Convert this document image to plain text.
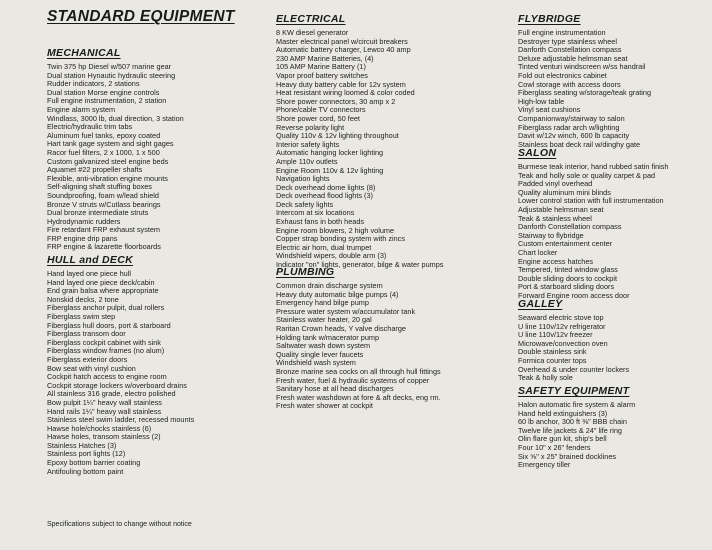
STANDARD EQUIPMENT
MECHANICAL
Twin 375 hp Diesel w/507 marine gear
Dual station Hynautic hydraulic steering
Rudder indicators, 2 stations
Dual station Morse engine controls
Full engine instrumentation, 2 station
Engine alarm system
Windlass, 3000 lb, dual direction, 3 station
Electric/hydraulic trim tabs
Aluminum fuel tanks, epoxy coated
Hart tank gage system and sight gages
Racor fuel filters, 2 x 1000, 1 x 500
Custom galvanized steel engine beds
Aquamet #22 propeller shafts
Flexible, anti-vibration engine mounts
Self-aligning shaft stuffing boxes
Soundproofing, foam w/lead shield
Bronze V struts w/Cutlass bearings
Dual bronze intermediate struts
Hydrodynamic rudders
Fire retardant FRP exhaust system
FRP engine drip pans
FRP engine & lazarette floorboards
HULL and DECK
Hand layed one piece hull
Hand layed one piece deck/cabin
End grain balsa where appropriate
Nonskid decks, 2 tone
Fiberglass anchor pulpit, dual rollers
Fiberglass swim step
Fiberglass hull doors, port & starboard
Fiberglass transom door
Fiberglass cockpit cabinet with sink
Fiberglass window frames (no alum)
Fiberglass exterior doors
Bow seat with vinyl cushion
Cockpit hatch access to engine room
Cockpit storage lockers w/overboard drains
All stainless 316 grade, electro polished
Bow pulpit 1¼" heavy wall stainless
Hand rails 1¼" heavy wall stainless
Stainless steel swim ladder, recessed mounts
Hawse hole/chocks stainless (6)
Hawse holes, transom stainless (2)
Stainless Hatches (3)
Stainless port lights (12)
Epoxy bottom barrier coating
Antifouling bottom paint
ELECTRICAL
8 KW diesel generator
Master electrical panel w/circuit breakers
Automatic battery charger, Lewco 40 amp
230 AMP Marine Batteries, (4)
105 AMP Marine Battery (1)
Vapor proof battery switches
Heavy duty battery cable for 12v system
Heat resistant wiring loomed & color coded
Shore power connectors, 30 amp x 2
Phone/cable TV connectors
Shore power cord, 50 feet
Reverse polarity light
Quality 110v & 12v lighting throughout
Interior safety lights
Automatic hanging locker lighting
Ample 110v outlets
Engine Room 110v & 12v lighting
Navigation lights
Deck overhead dome lights (8)
Deck overhead flood lights (3)
Deck safety lights
Intercom at six locations
Exhaust fans in both heads
Engine room blowers, 2 high volume
Copper strap bonding system with zincs
Electric air horn, dual trumpet
Windshield wipers, double arm (3)
Indicator "on" lights, generator, bilge & water pumps
PLUMBING
Common drain discharge system
Heavy duty automatic bilge pumps (4)
Emergency hand bilge pump
Pressure water system w/accumulator tank
Stainless water heater, 20 gal
Raritan Crown heads, Y valve discharge
Holding tank w/macerator pump
Saltwater wash down system
Quality single lever faucets
Windshield wash system
Bronze marine sea cocks on all through hull fittings
Fresh water, fuel & hydraulic systems of copper
Sanitary hose at all head discharges
Fresh water washdown at fore & aft decks, eng rm.
Fresh water shower at cockpit
FLYBRIDGE
Full engine instrumentation
Destroyer type stainless wheel
Danforth Constellation compass
Deluxe adjustable helmsman seat
Tinted venturi windscreen w/ss handrail
Fold out electronics cabinet
Cowl storage with access doors
Fiberglass seating w/storage/teak grating
High-low table
Vinyl seat cushions
Companionway/stairway to salon
Fiberglass radar arch w/lighting
Davit w/12v winch, 600 lb capacity
Stainless boat deck rail w/dinghy gate
SALON
Burmese teak interior, hand rubbed satin finish
Teak and holly sole or quality carpet & pad
Padded vinyl overhead
Quality aluminum mini blinds
Lower control station with full instrumentation
Adjustable helmsman seat
Teak & stainless wheel
Danforth Constellation compass
Stairway to flybridge
Custom entertainment center
Chart locker
Engine access hatches
Tempered, tinted window glass
Double sliding doors to cockpit
Port & starboard sliding doors
Forward Engine room access door
GALLEY
Seaward electric stove top
U line 110v/12v refrigerator
U line 110v/12v freezer
Microwave/convection oven
Double stainless sink
Formica counter tops
Overhead & under counter lockers
Teak & holly sole
SAFETY EQUIPMENT
Halon automatic fire system & alarm
Hand held extinguishers (3)
60 lb anchor, 300 ft ⅜" BBB chain
Twelve life jackets & 24" life ring
Olin flare gun kit, ship's bell
Four 10" x 26" fenders
Six ⅝" x 25" brained docklines
Emergency tiller
Specifications subject to change without notice
